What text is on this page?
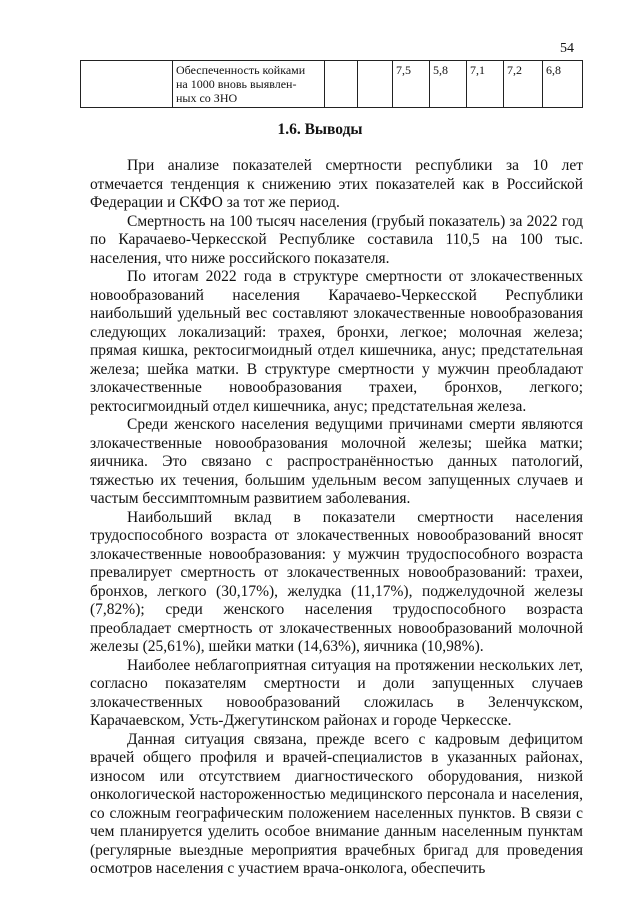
54
	Обеспеченность койками
на 1000 вновь выявлен-
ных со ЗНО			7,5	5,8	7,1	7,2	6,8
1.6. Выводы

При анализе показателей смертности республики за 10 лет отмечается тенденция к снижению этих показателей как в Российской Федерации и СКФО за тот же период.

Смертность на 100 тысяч населения (грубый показатель) за 2022 год по Карачаево-Черкесской Республике составила 110,5 на 100 тыс. населения, что ниже российского показателя.

По итогам 2022 года в структуре смертности от злокачественных новообразований населения Карачаево-Черкесской Республики наибольший удельный вес составляют злокачественные новообразования следующих локализаций: трахея, бронхи, легкое; молочная железа; прямая кишка, ректосигмоидный отдел кишечника, анус; предстательная железа; шейка матки. В структуре смертности у мужчин преобладают злокачественные новообразования трахеи, бронхов, легкого; ректосигмоидный отдел кишечника, анус; предстательная железа.

Среди женского населения ведущими причинами смерти являются злокачественные новообразования молочной железы; шейка матки; яичника. Это связано с распространённостью данных патологий, тяжестью их течения, большим удельным весом запущенных случаев и частым бессимптомным развитием заболевания.

Наибольший вклад в показатели смертности населения трудоспособного возраста от злокачественных новообразований вносят злокачественные новообразования: у мужчин трудоспособного возраста превалирует смертность от злокачественных новообразований: трахеи, бронхов, легкого (30,17%), желудка (11,17%), поджелудочной железы (7,82%); среди женского населения трудоспособного возраста преобладает смертность от злокачественных новообразований молочной железы (25,61%), шейки матки (14,63%), яичника (10,98%).

Наиболее неблагоприятная ситуация на протяжении нескольких лет, согласно показателям смертности и доли запущенных случаев злокачественных новообразований сложилась в Зеленчукском, Карачаевском, Усть-Джегутинском районах и городе Черкесске.

Данная ситуация связана, прежде всего с кадровым дефицитом врачей общего профиля и врачей-специалистов в указанных районах, износом или отсутствием диагностического оборудования, низкой онкологической настороженностью медицинского персонала и населения, со сложным географическим положением населенных пунктов. В связи с чем планируется уделить особое внимание данным населенным пунктам (регулярные выездные мероприятия врачебных бригад для проведения осмотров населения с участием врача-онколога, обеспечить
